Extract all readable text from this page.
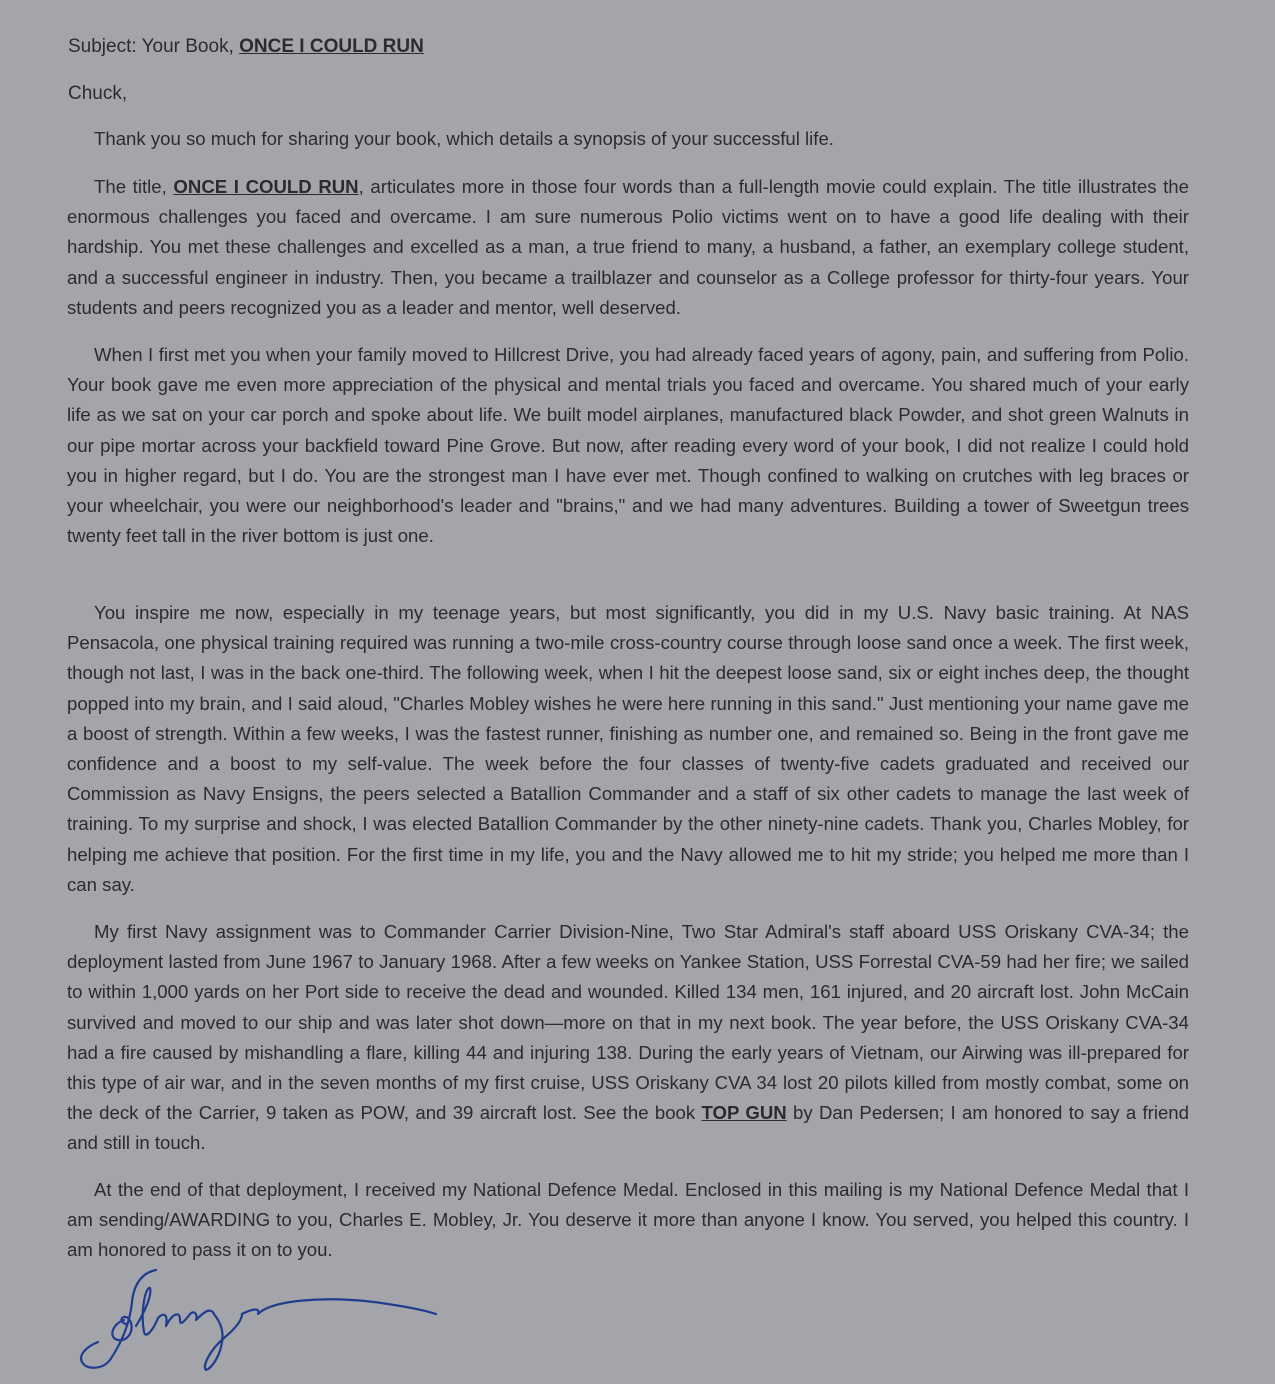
Subject: Your Book, ONCE I COULD RUN
Chuck,

Thank you so much for sharing your book, which details a synopsis of your successful life.

The title, ONCE I COULD RUN, articulates more in those four words than a full-length movie could explain. The title illustrates the enormous challenges you faced and overcame. I am sure numerous Polio victims went on to have a good life dealing with their hardship. You met these challenges and excelled as a man, a true friend to many, a husband, a father, an exemplary college student, and a successful engineer in industry. Then, you became a trailblazer and counselor as a College professor for thirty-four years. Your students and peers recognized you as a leader and mentor, well deserved.

When I first met you when your family moved to Hillcrest Drive, you had already faced years of agony, pain, and suffering from Polio. Your book gave me even more appreciation of the physical and mental trials you faced and overcame. You shared much of your early life as we sat on your car porch and spoke about life. We built model airplanes, manufactured black Powder, and shot green Walnuts in our pipe mortar across your backfield toward Pine Grove. But now, after reading every word of your book, I did not realize I could hold you in higher regard, but I do. You are the strongest man I have ever met. Though confined to walking on crutches with leg braces or your wheelchair, you were our neighborhood's leader and "brains," and we had many adventures. Building a tower of Sweetgun trees twenty feet tall in the river bottom is just one.

You inspire me now, especially in my teenage years, but most significantly, you did in my U.S. Navy basic training. At NAS Pensacola, one physical training required was running a two-mile cross-country course through loose sand once a week. The first week, though not last, I was in the back one-third. The following week, when I hit the deepest loose sand, six or eight inches deep, the thought popped into my brain, and I said aloud, "Charles Mobley wishes he were here running in this sand." Just mentioning your name gave me a boost of strength. Within a few weeks, I was the fastest runner, finishing as number one, and remained so. Being in the front gave me confidence and a boost to my self-value. The week before the four classes of twenty-five cadets graduated and received our Commission as Navy Ensigns, the peers selected a Batallion Commander and a staff of six other cadets to manage the last week of training. To my surprise and shock, I was elected Batallion Commander by the other ninety-nine cadets. Thank you, Charles Mobley, for helping me achieve that position. For the first time in my life, you and the Navy allowed me to hit my stride; you helped me more than I can say.

My first Navy assignment was to Commander Carrier Division-Nine, Two Star Admiral's staff aboard USS Oriskany CVA-34; the deployment lasted from June 1967 to January 1968. After a few weeks on Yankee Station, USS Forrestal CVA-59 had her fire; we sailed to within 1,000 yards on her Port side to receive the dead and wounded. Killed 134 men, 161 injured, and 20 aircraft lost. John McCain survived and moved to our ship and was later shot down—more on that in my next book. The year before, the USS Oriskany CVA-34 had a fire caused by mishandling a flare, killing 44 and injuring 138. During the early years of Vietnam, our Airwing was ill-prepared for this type of air war, and in the seven months of my first cruise, USS Oriskany CVA 34 lost 20 pilots killed from mostly combat, some on the deck of the Carrier, 9 taken as POW, and 39 aircraft lost. See the book TOP GUN by Dan Pedersen; I am honored to say a friend and still in touch.

At the end of that deployment, I received my National Defence Medal. Enclosed in this mailing is my National Defence Medal that I am sending/AWARDING to you, Charles E. Mobley, Jr. You deserve it more than anyone I know. You served, you helped this country. I am honored to pass it on to you.
